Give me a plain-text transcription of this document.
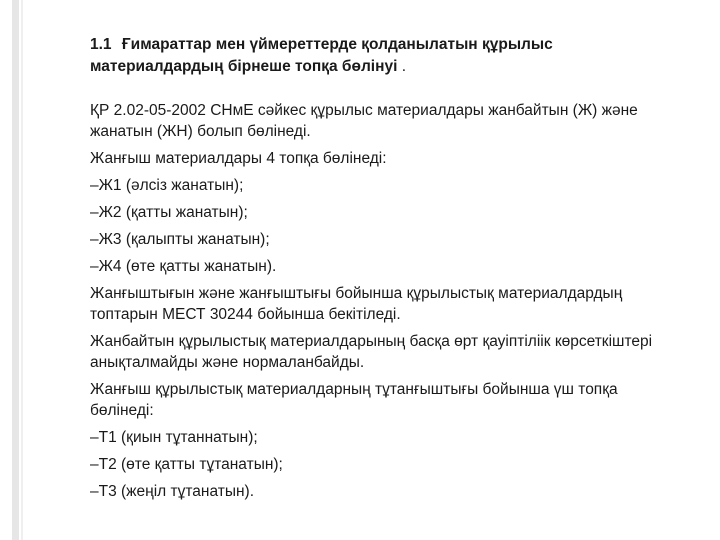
1.1 Ғимараттар мен үймереттерде қолданылатын құрылыс
материалдардың бірнеше топқа бөлінуі .

ҚР 2.02-05-2002 СНмЕ сәйкес құрылыс материалдары жанбайтын (Ж) және жанатын (ЖН) болып бөлінеді.

Жанғыш материалдары 4 топқа бөлінеді:

–Ж1 (әлсіз жанатын);

–Ж2 (қатты жанатын);

–Ж3 (қалыпты жанатын);

–Ж4 (өте қатты жанатын).

Жанғыштығын және жанғыштығы бойынша құрылыстық материалдардың топтарын МЕСТ 30244 бойынша бекітіледі.

Жанбайтын құрылыстық материалдарының басқа өрт қауіптіліік көрсеткіштері анықталмайды және нормаланбайды.

Жанғыш құрылыстық материалдарның тұтанғыштығы бойынша үш топқа бөлінеді:

–Т1 (қиын тұтаннатын);

–Т2 (өте қатты тұтанатын);

–Т3 (жеңіл тұтанатын).
